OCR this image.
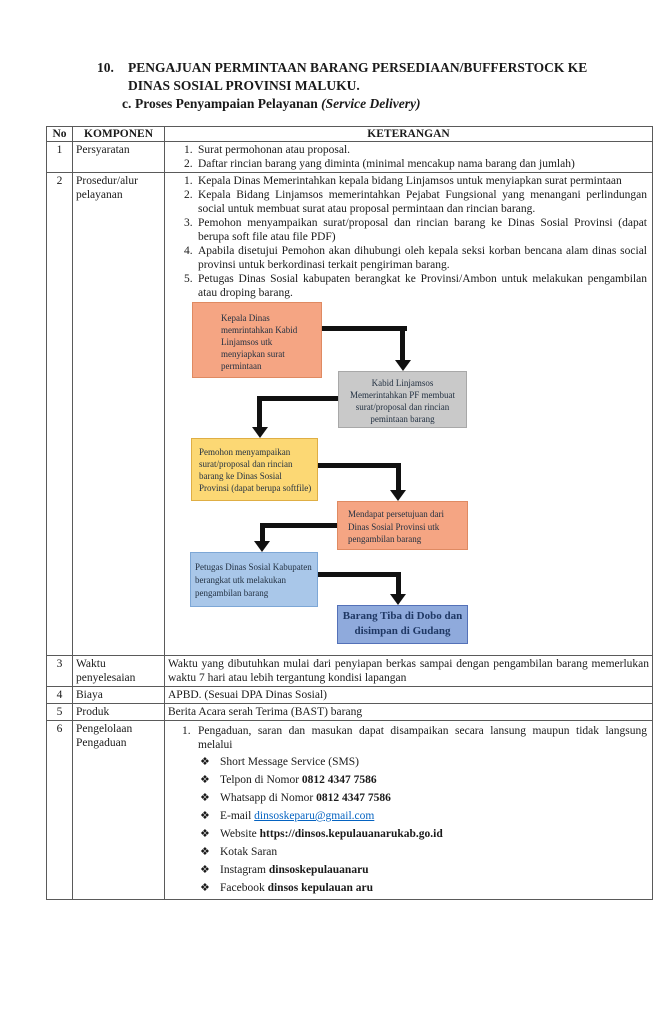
10.	PENGAJUAN PERMINTAAN BARANG PERSEDIAAN/BUFFERSTOCK KE
DINAS SOSIAL PROVINSI MALUKU.
c. Proses Penyampaian Pelayanan (Service Delivery)
No	KOMPONEN	KETERANGAN
1	Persyaratan	1. Surat permohonan atau proposal.
2. Daftar rincian barang yang diminta (minimal mencakup nama barang dan jumlah)

2	Prosedur/alur pelayanan	
1. Kepala Dinas Memerintahkan kepala bidang Linjamsos untuk menyiapkan surat permintaan
2. Kepala Bidang Linjamsos memerintahkan Pejabat Fungsional yang menangani perlindungan social untuk membuat surat atau proposal permintaan dan rincian barang.
3. Pemohon menyampaikan surat/proposal dan rincian barang ke Dinas Sosial Provinsi (dapat berupa soft file atau file PDF)
4. Apabila disetujui Pemohon akan dihubungi oleh kepala seksi korban bencana alam dinas social provinsi untuk berkordinasi terkait pengiriman barang.
5. Petugas Dinas Sosial kabupaten berangkat ke Provinsi/Ambon untuk melakukan pengambilan atau droping barang.
Kepala Dinas memrintahkan Kabid Linjamsos utk menyiapkan surat permintaan
Kabid Linjamsos Memerintahkan PF membuat surat/proposal dan rincian pemintaan barang
Pemohon menyampaikan surat/proposal dan rincian barang ke Dinas Sosial Provinsi (dapat berupa softfile)
Mendapat persetujuan dari Dinas Sosial Provinsi utk pengambilan barang
Petugas Dinas Sosial Kabupaten berangkat utk melakukan pengambilan barang
Barang Tiba di Dobo dan disimpan di Gudang

3	Waktu penyelesaian	Waktu yang dibutuhkan mulai dari penyiapan berkas sampai dengan pengambilan barang memerlukan waktu 7 hari atau lebih tergantung kondisi lapangan
4	Biaya	APBD. (Sesuai DPA Dinas Sosial)
5	Produk	Berita Acara serah Terima (BAST) barang
6	Pengelolaan Pengaduan	
1. Pengaduan, saran dan masukan dapat disampaikan secara lansung maupun tidak langsung melalui
❖ Short Message Service (SMS)
❖ Telpon di Nomor 0812 4347 7586
❖ Whatsapp di Nomor 0812 4347 7586
❖ E-mail dinsoskeparu@gmail.com
❖ Website https://dinsos.kepulauanarukab.go.id
❖ Kotak Saran
❖ Instagram dinsoskepulauanaru
❖ Facebook dinsos kepulauan aru
